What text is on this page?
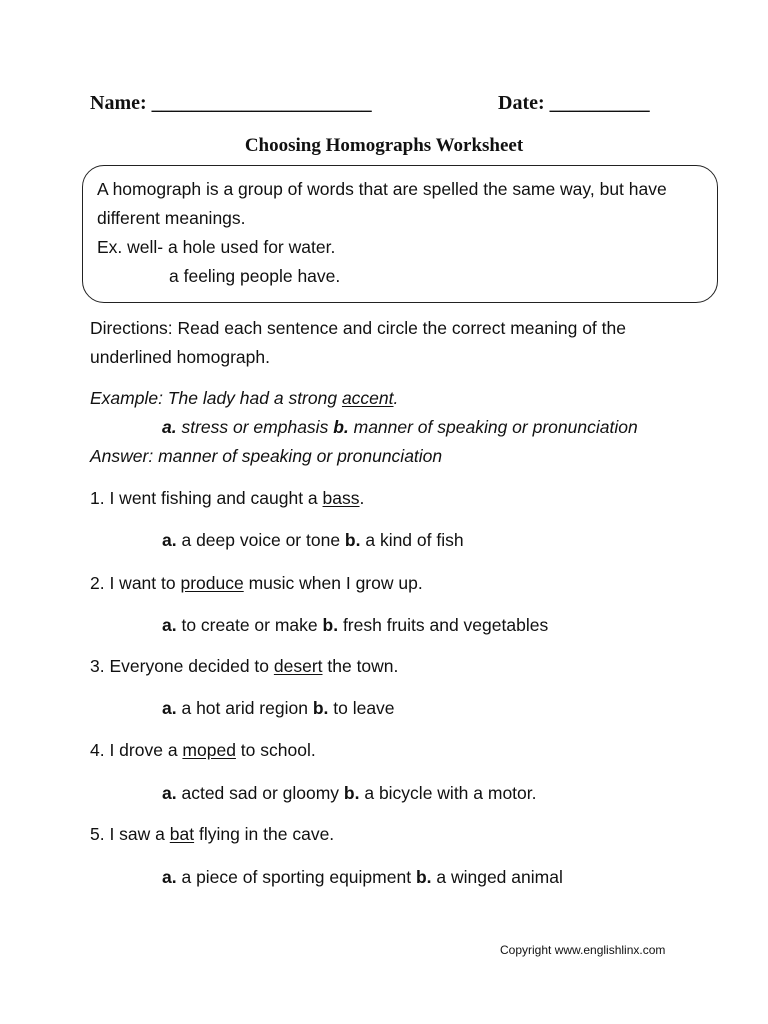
Name: ______________________	Date: __________
Choosing Homographs Worksheet
A homograph is a group of words that are spelled the same way, but have
different meanings.
Ex. well- a hole used for water.
a feeling people have.
Directions: Read each sentence and circle the correct meaning of the
underlined homograph.
Example: The lady had a strong accent.
a. stress or emphasis b. manner of speaking or pronunciation
Answer: manner of speaking or pronunciation
1. I went fishing and caught a bass.
a. a deep voice or tone b. a kind of fish
2. I want to produce music when I grow up.
a. to create or make b. fresh fruits and vegetables
3. Everyone decided to desert the town.
a. a hot arid region b. to leave
4. I drove a moped to school.
a. acted sad or gloomy b. a bicycle with a motor.
5. I saw a bat flying in the cave.
a. a piece of sporting equipment b. a winged animal
Copyright www.englishlinx.com
